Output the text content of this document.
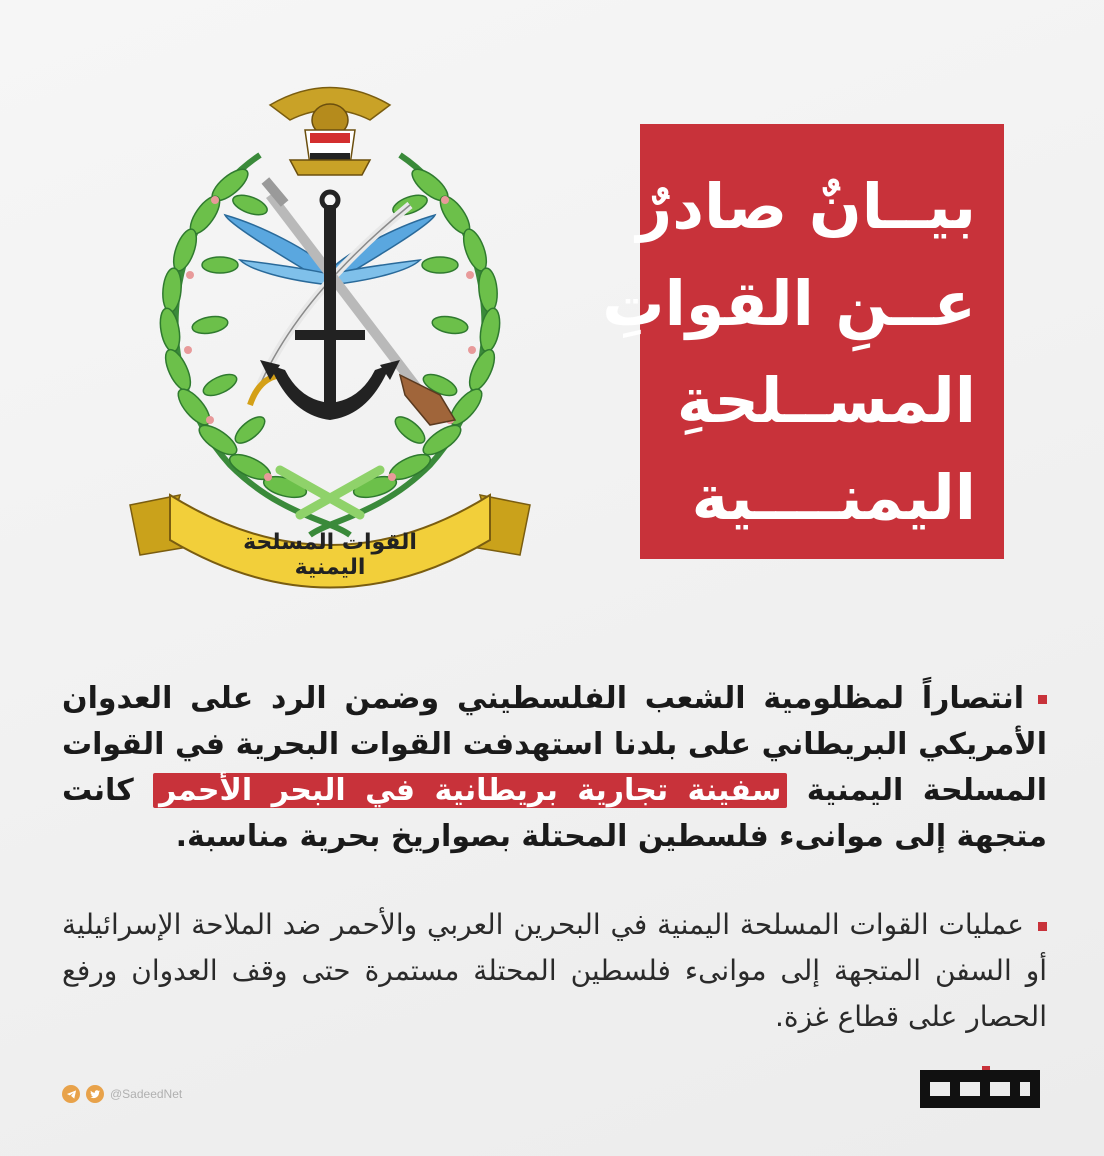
القوات المسلحة اليمنية
بيــانٌ صادرٌ
عــنِ القواتِ
المســلحةِ
اليمنــــية
انتصاراً لمظلومية الشعب الفلسطيني وضمن الرد على العدوان الأمريكي البريطاني على بلدنا استهدفت القوات البحرية في القوات المسلحة اليمنية سفينة تجارية بريطانية في البحر الأحمر كانت متجهة إلى موانىء فلسطين المحتلة بصواريخ بحرية مناسبة.
عمليات القوات المسلحة اليمنية في البحرين العربي والأحمر ضد الملاحة الإسرائيلية أو السفن المتجهة إلى موانىء فلسطين المحتلة مستمرة حتى وقف العدوان ورفع الحصار على قطاع غزة.
@SadeedNet
